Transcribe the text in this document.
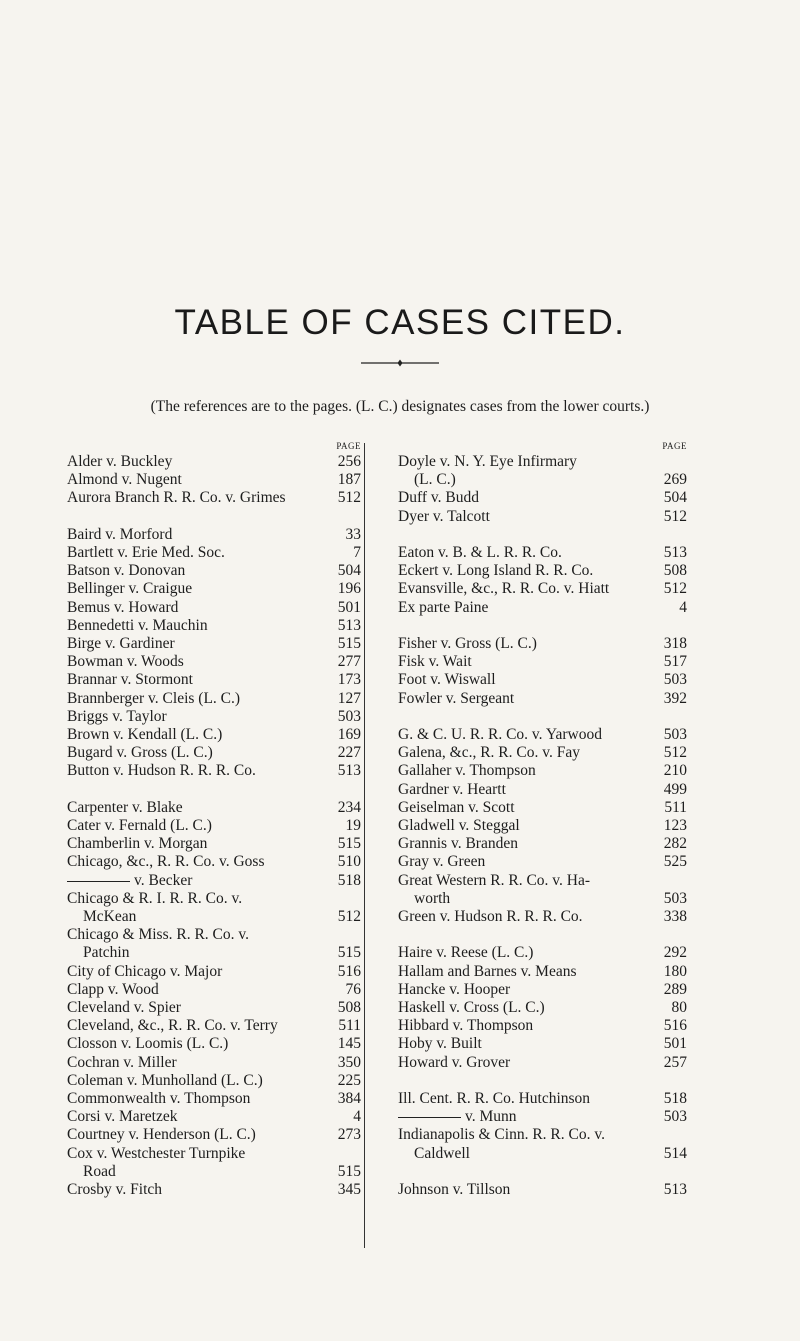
TABLE OF CASES CITED.
(The references are to the pages. (L. C.) designates cases from the lower courts.)
PAGE
Alder v. Buckley	256
Almond v. Nugent	187
Aurora Branch R. R. Co. v. Grimes	512
Baird v. Morford	33
Bartlett v. Erie Med. Soc.	7
Batson v. Donovan	504
Bellinger v. Craigue	196
Bemus v. Howard	501
Bennedetti v. Mauchin	513
Birge v. Gardiner	515
Bowman v. Woods	277
Brannar v. Stormont	173
Brannberger v. Cleis (L. C.)	127
Briggs v. Taylor	503
Brown v. Kendall (L. C.)	169
Bugard v. Gross (L. C.)	227
Button v. Hudson R. R. R. Co.	513
Carpenter v. Blake	234
Cater v. Fernald (L. C.)	19
Chamberlin v. Morgan	515
Chicago, &c., R. R. Co. v. Goss	510
v. Becker	518
Chicago & R. I. R. R. Co. v.
McKean	512
Chicago & Miss. R. R. Co. v.
Patchin	515
City of Chicago v. Major	516
Clapp v. Wood	76
Cleveland v. Spier	508
Cleveland, &c., R. R. Co. v. Terry	511
Closson v. Loomis (L. C.)	145
Cochran v. Miller	350
Coleman v. Munholland (L. C.)	225
Commonwealth v. Thompson	384
Corsi v. Maretzek	4
Courtney v. Henderson (L. C.)	273
Cox v. Westchester Turnpike
Road	515
Crosby v. Fitch	345
PAGE
Doyle v. N. Y. Eye Infirmary
(L. C.)	269
Duff v. Budd	504
Dyer v. Talcott	512
Eaton v. B. & L. R. R. Co.	513
Eckert v. Long Island R. R. Co.	508
Evansville, &c., R. R. Co. v. Hiatt	512
Ex parte Paine	4
Fisher v. Gross (L. C.)	318
Fisk v. Wait	517
Foot v. Wiswall	503
Fowler v. Sergeant	392
G. & C. U. R. R. Co. v. Yarwood	503
Galena, &c., R. R. Co. v. Fay	512
Gallaher v. Thompson	210
Gardner v. Heartt	499
Geiselman v. Scott	511
Gladwell v. Steggal	123
Grannis v. Branden	282
Gray v. Green	525
Great Western R. R. Co. v. Ha-
worth	503
Green v. Hudson R. R. R. Co.	338
Haire v. Reese (L. C.)	292
Hallam and Barnes v. Means	180
Hancke v. Hooper	289
Haskell v. Cross (L. C.)	80
Hibbard v. Thompson	516
Hoby v. Built	501
Howard v. Grover	257
Ill. Cent. R. R. Co. Hutchinson	518
v. Munn	503
Indianapolis & Cinn. R. R. Co. v.
Caldwell	514
Johnson v. Tillson	513
